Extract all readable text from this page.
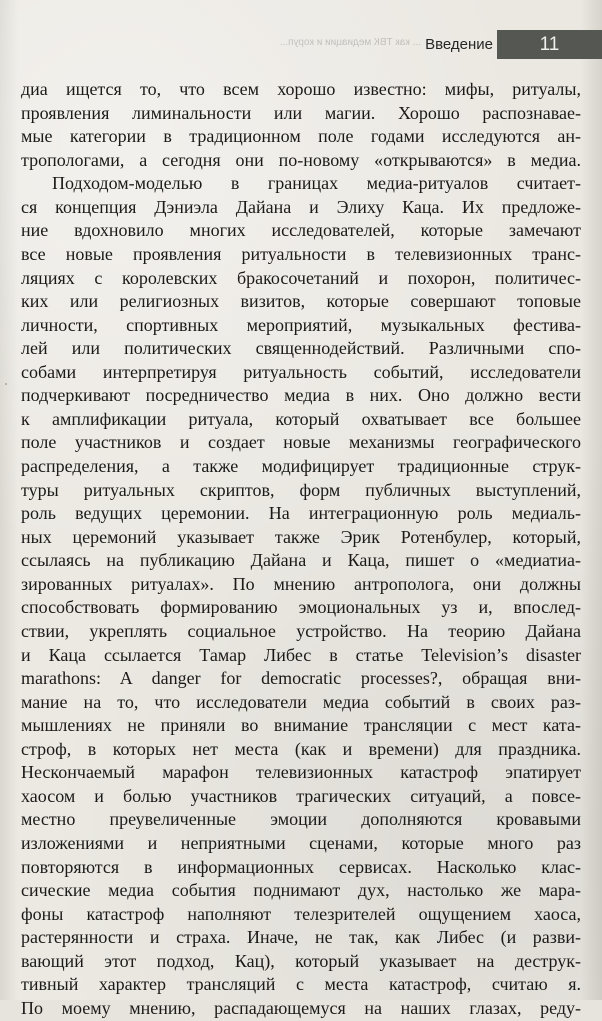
... как ТВК медиации и коруп... Введение	11
диа ищется то, что всем хорошо известно: мифы, ритуалы,
проявления лиминальности или магии. Хорошо распознавае-
мые категории в традиционном поле годами исследуются ан-
тропологами, а сегодня они по-новому «открываются» в медиа.
Подходом-моделью в границах медиа-ритуалов считает-
ся концепция Дэниэла Дайана и Элиху Каца. Их предложе-
ние вдохновило многих исследователей, которые замечают
все новые проявления ритуальности в телевизионных транс-
ляциях с королевских бракосочетаний и похорон, политичес-
ких или религиозных визитов, которые совершают топовые
личности, спортивных мероприятий, музыкальных фестива-
лей или политических священнодействий. Различными спо-
собами интерпретируя ритуальность событий, исследователи
подчеркивают посредничество медиа в них. Оно должно вести
к амплификации ритуала, который охватывает все большее
поле участников и создает новые механизмы географического
распределения, а также модифицирует традиционные струк-
туры ритуальных скриптов, форм публичных выступлений,
роль ведущих церемонии. На интеграционную роль медиаль-
ных церемоний указывает также Эрик Ротенбулер, который,
ссылаясь на публикацию Дайана и Каца, пишет о «медиатиа-
зированных ритуалах». По мнению антрополога, они должны
способствовать формированию эмоциональных уз и, впослед-
ствии, укреплять социальное устройство. На теорию Дайана
и Каца ссылается Тамар Либес в статье Television’s disaster
marathons: A danger for democratic processes?, обращая вни-
мание на то, что исследователи медиа событий в своих раз-
мышлениях не приняли во внимание трансляции с мест ката-
строф, в которых нет места (как и времени) для праздника.
Нескончаемый марафон телевизионных катастроф эпатирует
хаосом и болью участников трагических ситуаций, а повсе-
местно преувеличенные эмоции дополняются кровавыми
изложениями и неприятными сценами, которые много раз
повторяются в информационных сервисах. Насколько клас-
сические медиа события поднимают дух, настолько же мара-
фоны катастроф наполняют телезрителей ощущением хаоса,
растерянности и страха. Иначе, не так, как Либес (и разви-
вающий этот подход, Кац), который указывает на деструк-
тивный характер трансляций с места катастроф, считаю я.
По моему мнению, распадающемуся на наших глазах, реду-
